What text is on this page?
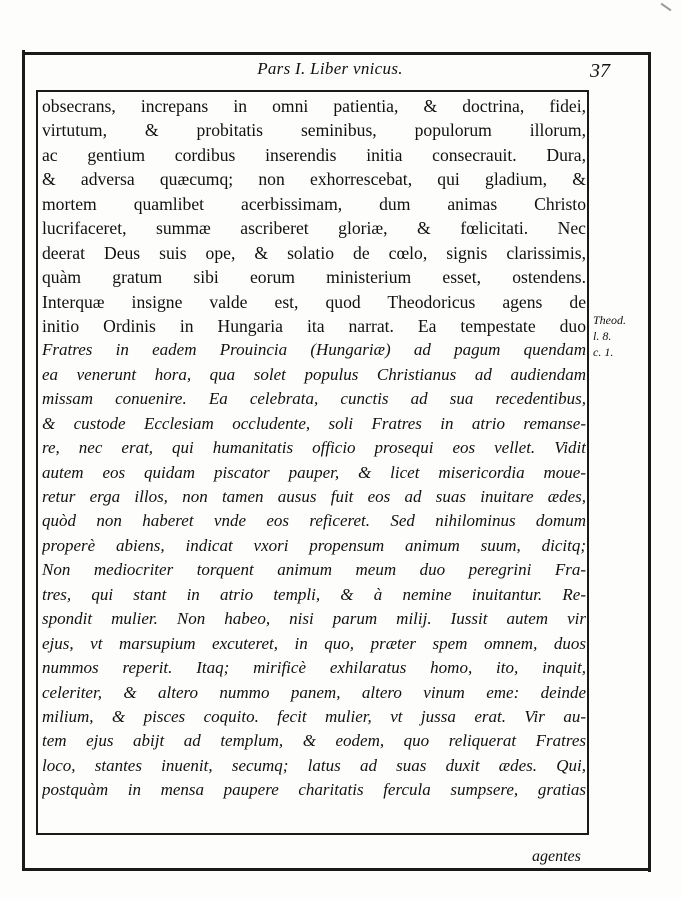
Pars I. Liber vnicus.	37
obsecrans, increpans in omni patientia, & doctrina, fidei,
virtutum, & probitatis seminibus, populorum illorum,
ac gentium cordibus inserendis initia consecrauit. Dura,
& adversa quæcumq; non exhorrescebat, qui gladium, &
mortem quamlibet acerbissimam, dum animas Christo
lucrifaceret, summæ ascriberet gloriæ, & fœlicitati. Nec
deerat Deus suis ope, & solatio de cœlo, signis clarissimis,
quàm gratum sibi eorum ministerium esset, ostendens.
Interquæ insigne valde est, quod Theodoricus agens de
initio Ordinis in Hungaria ita narrat. Ea tempestate duo
Fratres in eadem Prouincia (Hungariæ) ad pagum quendam
ea venerunt hora, qua solet populus Christianus ad audiendam
missam conuenire. Ea celebrata, cunctis ad sua recedentibus,
& custode Ecclesiam occludente, soli Fratres in atrio remanse-
re, nec erat, qui humanitatis officio prosequi eos vellet. Vidit
autem eos quidam piscator pauper, & licet misericordia moue-
retur erga illos, non tamen ausus fuit eos ad suas inuitare ædes,
quòd non haberet vnde eos reficeret. Sed nihilominus domum
properè abiens, indicat vxori propensum animum suum, dicitq;
Non mediocriter torquent animum meum duo peregrini Fra-
tres, qui stant in atrio templi, & à nemine inuitantur. Re-
spondit mulier. Non habeo, nisi parum milij. Iussit autem vir
ejus, vt marsupium excuteret, in quo, præter spem omnem, duos
nummos reperit. Itaq; mirificè exhilaratus homo, ito, inquit,
celeriter, & altero nummo panem, altero vinum eme: deinde
milium, & pisces coquito. fecit mulier, vt jussa erat. Vir au-
tem ejus abijt ad templum, & eodem, quo reliquerat Fratres
loco, stantes inuenit, secumq; latus ad suas duxit ædes. Qui,
postquàm in mensa paupere charitatis fercula sumpsere, gratias
Theod.
l. 8.
c. 1.
agentes
